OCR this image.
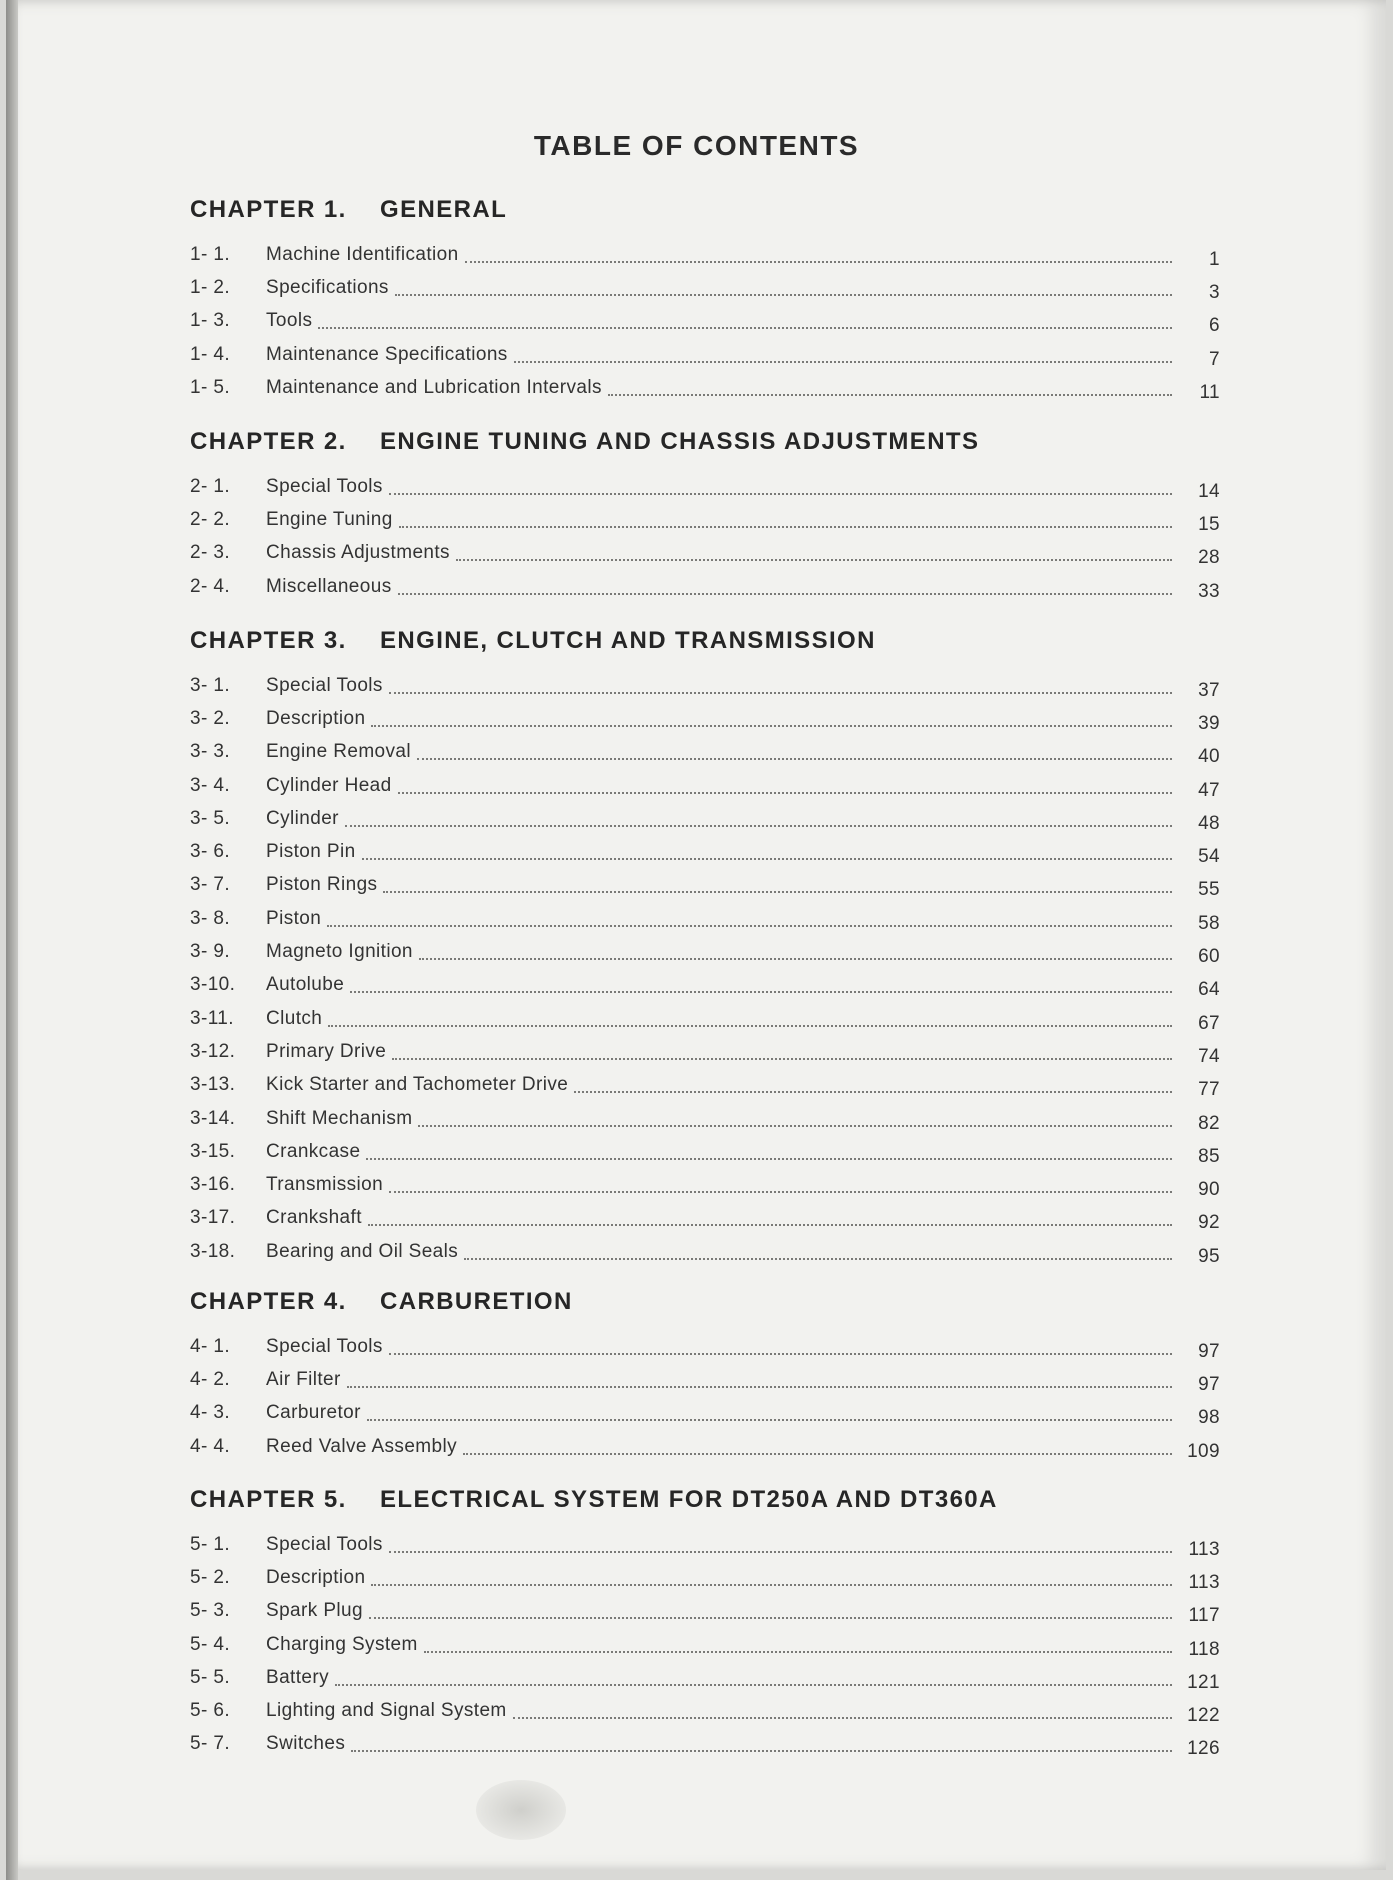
TABLE OF CONTENTS
CHAPTER 1.	GENERAL
1- 1.	Machine Identification	1
1- 2.	Specifications	3
1- 3.	Tools	6
1- 4.	Maintenance Specifications	7
1- 5.	Maintenance and Lubrication Intervals	11
CHAPTER 2.	ENGINE TUNING AND CHASSIS ADJUSTMENTS
2- 1.	Special Tools	14
2- 2.	Engine Tuning	15
2- 3.	Chassis Adjustments	28
2- 4.	Miscellaneous	33
CHAPTER 3.	ENGINE, CLUTCH AND TRANSMISSION
3- 1.	Special Tools	37
3- 2.	Description	39
3- 3.	Engine Removal	40
3- 4.	Cylinder Head	47
3- 5.	Cylinder	48
3- 6.	Piston Pin	54
3- 7.	Piston Rings	55
3- 8.	Piston	58
3- 9.	Magneto Ignition	60
3-10.	Autolube	64
3-11.	Clutch	67
3-12.	Primary Drive	74
3-13.	Kick Starter and Tachometer Drive	77
3-14.	Shift Mechanism	82
3-15.	Crankcase	85
3-16.	Transmission	90
3-17.	Crankshaft	92
3-18.	Bearing and Oil Seals	95
CHAPTER 4.	CARBURETION
4- 1.	Special Tools	97
4- 2.	Air Filter	97
4- 3.	Carburetor	98
4- 4.	Reed Valve Assembly	109
CHAPTER 5.	ELECTRICAL SYSTEM FOR DT250A AND DT360A
5- 1.	Special Tools	113
5- 2.	Description	113
5- 3.	Spark Plug	117
5- 4.	Charging System	118
5- 5.	Battery	121
5- 6.	Lighting and Signal System	122
5- 7.	Switches	126
